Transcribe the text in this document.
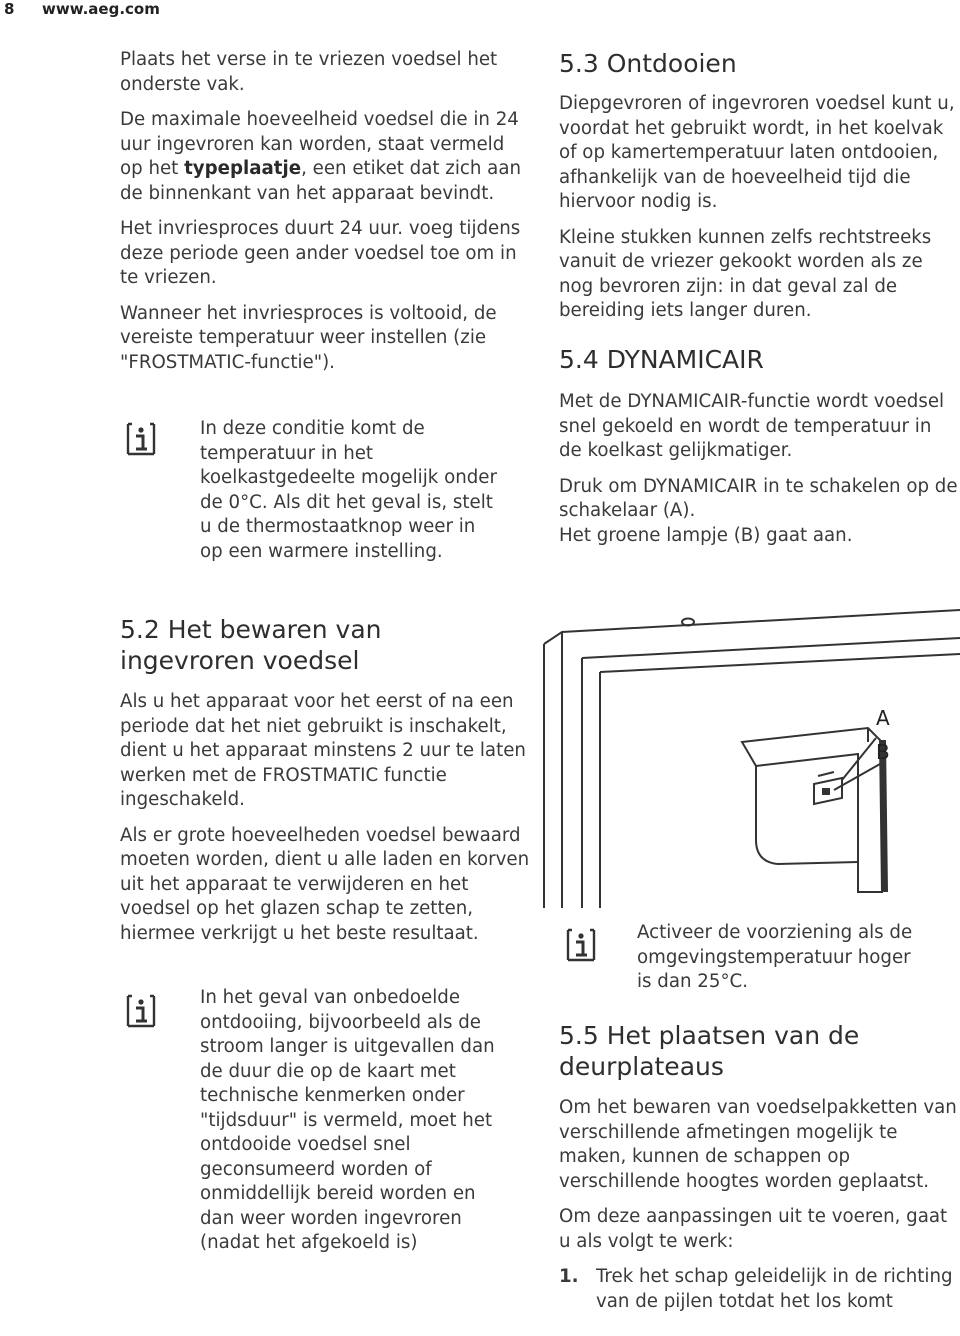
8 www.aeg.com

Plaats het verse in te vriezen voedsel het onderste vak.

De maximale hoeveelheid voedsel die in 24 uur ingevroren kan worden, staat vermeld op het typeplaatje, een etiket dat zich aan de binnenkant van het apparaat bevindt.

Het invriesproces duurt 24 uur. voeg tijdens deze periode geen ander voedsel toe om in te vriezen.

Wanneer het invriesproces is voltooid, de vereiste temperatuur weer instellen (zie "FROSTMATIC-functie").

In deze conditie komt de temperatuur in het koelkastgedeelte mogelijk onder de 0°C. Als dit het geval is, stelt u de thermostaatknop weer in op een warmere instelling.
5.2 Het bewaren van ingevroren voedsel

Als u het apparaat voor het eerst of na een periode dat het niet gebruikt is inschakelt, dient u het apparaat minstens 2 uur te laten werken met de FROSTMATIC functie ingeschakeld.

Als er grote hoeveelheden voedsel bewaard moeten worden, dient u alle laden en korven uit het apparaat te verwijderen en het voedsel op het glazen schap te zetten, hiermee verkrijgt u het beste resultaat.

In het geval van onbedoelde ontdooiing, bijvoorbeeld als de stroom langer is uitgevallen dan de duur die op de kaart met technische kenmerken onder "tijdsduur" is vermeld, moet het ontdooide voedsel snel geconsumeerd worden of onmiddellijk bereid worden en dan weer worden ingevroren (nadat het afgekoeld is)
5.3 Ontdooien

Diepgevroren of ingevroren voedsel kunt u, voordat het gebruikt wordt, in het koelvak of op kamertemperatuur laten ontdooien, afhankelijk van de hoeveelheid tijd die hiervoor nodig is.

Kleine stukken kunnen zelfs rechtstreeks vanuit de vriezer gekookt worden als ze nog bevroren zijn: in dat geval zal de bereiding iets langer duren.

5.4 DYNAMICAIR

Met de DYNAMICAIR-functie wordt voedsel snel gekoeld en wordt de temperatuur in de koelkast gelijkmatiger.

Druk om DYNAMICAIR in te schakelen op de schakelaar (A).
Het groene lampje (B) gaat aan.

A
B
Activeer de voorziening als de omgevingstemperatuur hoger is dan 25°C.
5.5 Het plaatsen van de deurplateaus

Om het bewaren van voedselpakketten van verschillende afmetingen mogelijk te maken, kunnen de schappen op verschillende hoogtes worden geplaatst.

Om deze aanpassingen uit te voeren, gaat u als volgt te werk:

1. Trek het schap geleidelijk in de richting van de pijlen totdat het los komt
